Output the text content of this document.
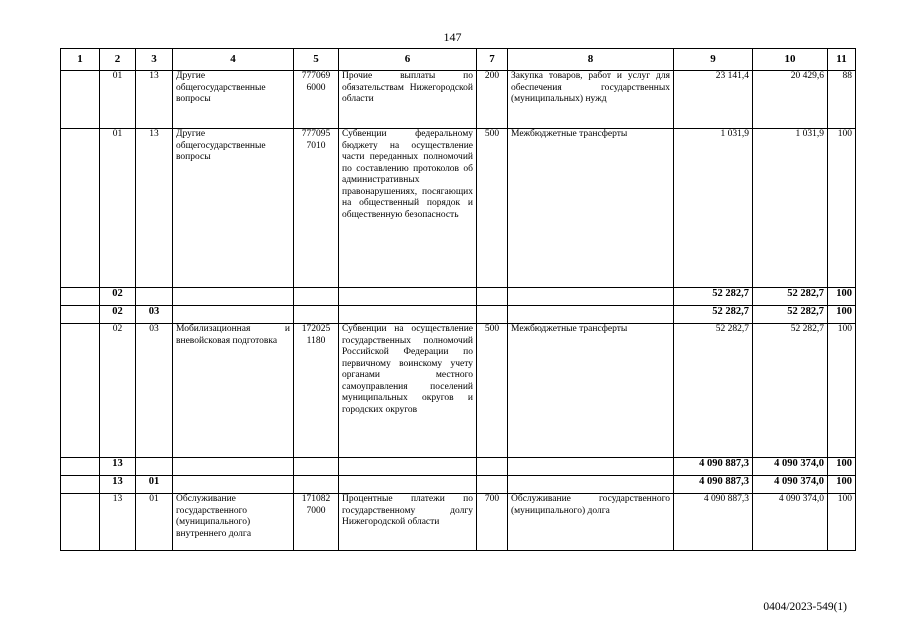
147
1	2	3	4	5	6	7	8	9	10	11
	01	13	Другие общегосударственные вопросы	777069 6000	Прочие выплаты по обязательствам Нижегородской области	200	Закупка товаров, работ и услуг для обеспечения государственных (муниципальных) нужд	23 141,4	20 429,6	88
	01	13	Другие общегосударственные вопросы	777095 7010	Субвенции федеральному бюджету на осуществление части переданных полномочий по составлению протоколов об административных правонарушениях, посягающих на общественный порядок и общественную безопасность	500	Межбюджетные трансферты	1 031,9	1 031,9	100
	02							52 282,7	52 282,7	100
	02	03						52 282,7	52 282,7	100
	02	03	Мобилизационная и вневойсковая подготовка	172025 1180	Субвенции на осуществление государственных полномочий Российской Федерации по первичному воинскому учету органами местного самоуправления поселений муниципальных округов и городских округов	500	Межбюджетные трансферты	52 282,7	52 282,7	100
	13							4 090 887,3	4 090 374,0	100
	13	01						4 090 887,3	4 090 374,0	100
	13	01	Обслуживание государственного (муниципального) внутреннего долга	171082 7000	Процентные платежи по государственному долгу Нижегородской области	700	Обслуживание государственного (муниципального) долга	4 090 887,3	4 090 374,0	100
0404/2023-549(1)
